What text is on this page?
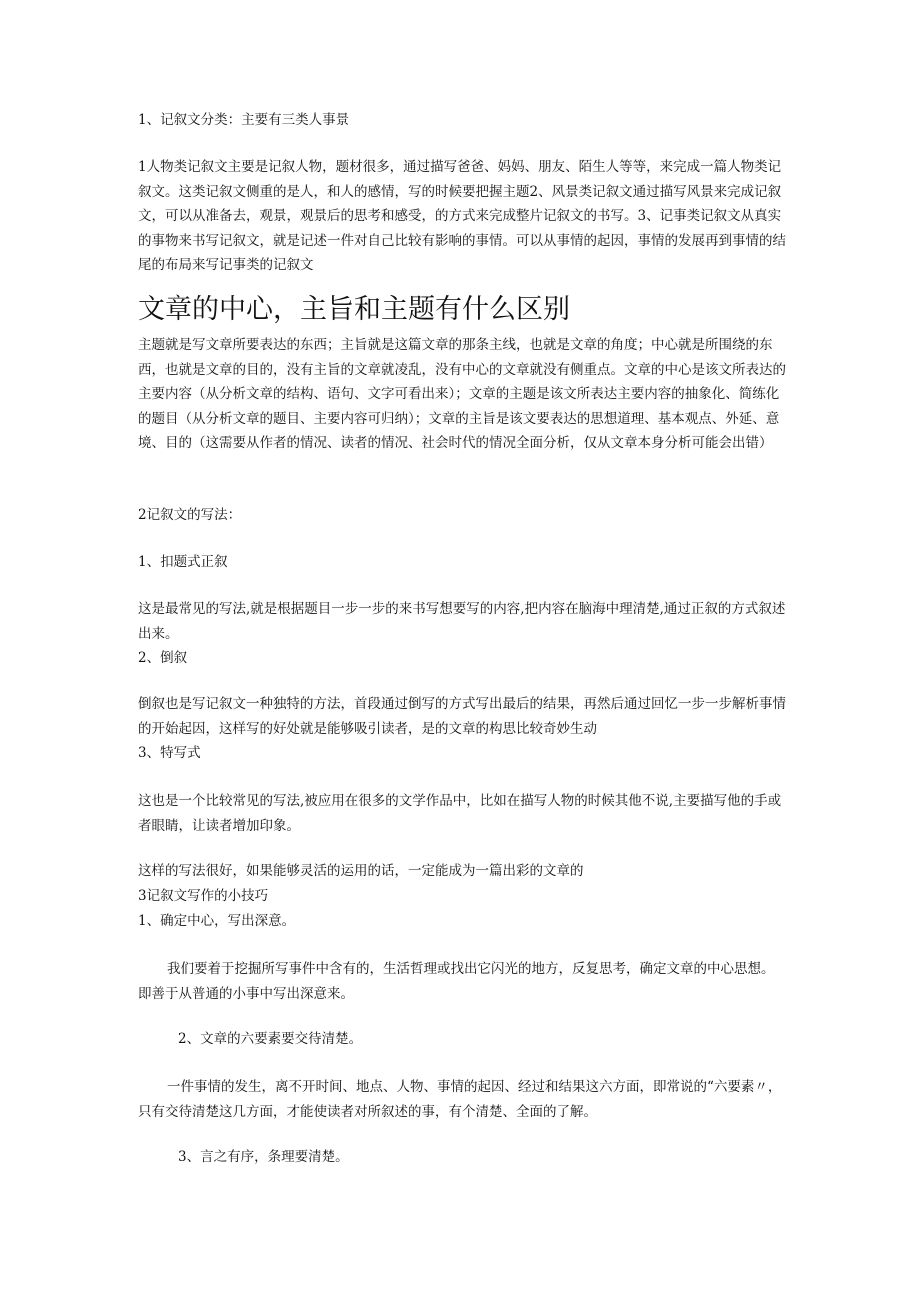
1、记叙文分类：主要有三类人事景

1人物类记叙文主要是记叙人物，题材很多，通过描写爸爸、妈妈、朋友、陌生人等等，来完成一篇人物类记叙文。这类记叙文侧重的是人，和人的感情，写的时候要把握主题2、风景类记叙文通过描写风景来完成记叙文，可以从准备去，观景，观景后的思考和感受，的方式来完成整片记叙文的书写。3、记事类记叙文从真实的事物来书写记叙文，就是记述一件对自己比较有影响的事情。可以从事情的起因，事情的发展再到事情的结尾的布局来写记事类的记叙文

文章的中心，主旨和主题有什么区别

主题就是写文章所要表达的东西；主旨就是这篇文章的那条主线，也就是文章的角度；中心就是所围绕的东西，也就是文章的目的，没有主旨的文章就凌乱，没有中心的文章就没有侧重点。文章的中心是该文所表达的主要内容（从分析文章的结构、语句、文字可看出来）；文章的主题是该文所表达主要内容的抽象化、简练化的题目（从分析文章的题目、主要内容可归纳）；文章的主旨是该文要表达的思想道理、基本观点、外延、意境、目的（这需要从作者的情况、读者的情况、社会时代的情况全面分析，仅从文章本身分析可能会出错）

2记叙文的写法：

1、扣题式正叙

这是最常见的写法,就是根据题目一步一步的来书写想要写的内容,把内容在脑海中理清楚,通过正叙的方式叙述出来。

2、倒叙

倒叙也是写记叙文一种独特的方法，首段通过倒写的方式写出最后的结果，再然后通过回忆一步一步解析事情的开始起因，这样写的好处就是能够吸引读者，是的文章的构思比较奇妙生动

3、特写式

这也是一个比较常见的写法,被应用在很多的文学作品中，比如在描写人物的时候其他不说,主要描写他的手或者眼睛，让读者增加印象。

这样的写法很好，如果能够灵活的运用的话，一定能成为一篇出彩的文章的

3记叙文写作的小技巧

1、确定中心，写出深意。

我们要着于挖掘所写事件中含有的，生活哲理或找出它闪光的地方，反复思考，确定文章的中心思想。即善于从普通的小事中写出深意来。

2、文章的六要素要交待清楚。

一件事情的发生，离不开时间、地点、人物、事情的起因、经过和结果这六方面，即常说的“六要素〃，只有交待清楚这几方面，才能使读者对所叙述的事，有个清楚、全面的了解。

3、言之有序，条理要清楚。
